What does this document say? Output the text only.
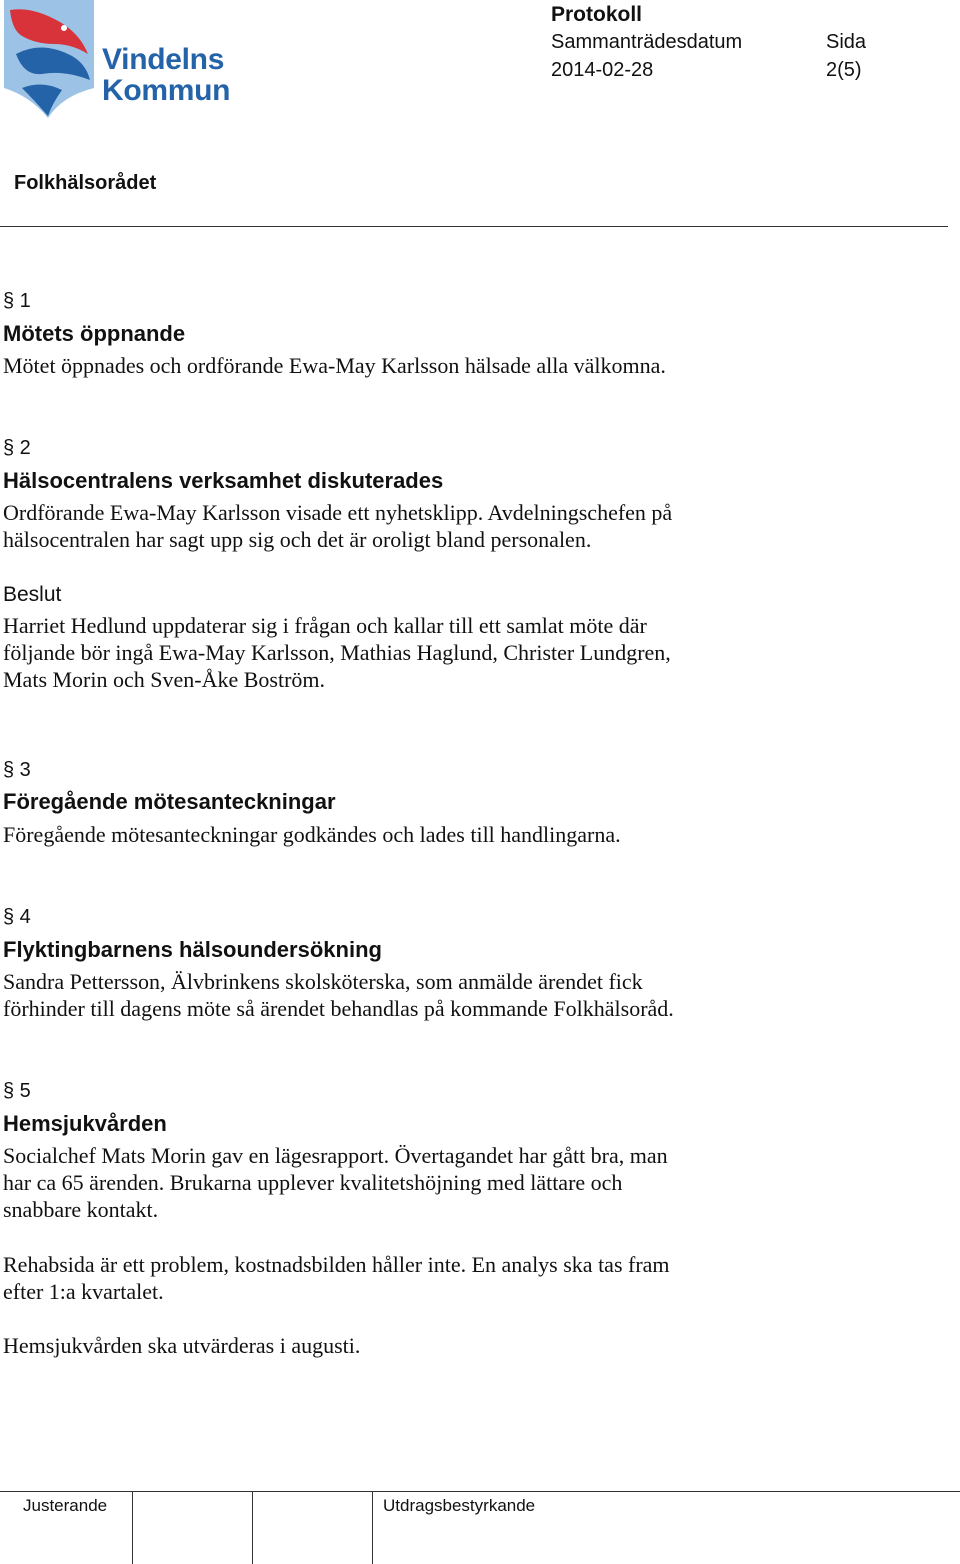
Vindelns
Kommun
Protokoll
Sammanträdesdatum
2014-02-28
Sida
2(5)
Folkhälsorådet
§ 1
Mötets öppnande
Mötet öppnades och ordförande Ewa-May Karlsson hälsade alla välkomna.
§ 2
Hälsocentralens verksamhet diskuterades
Ordförande Ewa-May Karlsson visade ett nyhetsklipp. Avdelningschefen på
hälsocentralen har sagt upp sig och det är oroligt bland personalen.
Beslut
Harriet Hedlund uppdaterar sig i frågan och kallar till ett samlat möte där
följande bör ingå Ewa-May Karlsson, Mathias Haglund, Christer Lundgren,
Mats Morin och Sven-Åke Boström.
§ 3
Föregående mötesanteckningar
Föregående mötesanteckningar godkändes och lades till handlingarna.
§ 4
Flyktingbarnens hälsoundersökning
Sandra Pettersson, Älvbrinkens skolsköterska, som anmälde ärendet fick
förhinder till dagens möte så ärendet behandlas på kommande Folkhälsoråd.
§ 5
Hemsjukvården
Socialchef Mats Morin gav en lägesrapport. Övertagandet har gått bra, man
har ca 65 ärenden. Brukarna upplever kvalitetshöjning med lättare och
snabbare kontakt.
Rehabsida är ett problem, kostnadsbilden håller inte. En analys ska tas fram
efter 1:a kvartalet.
Hemsjukvården ska utvärderas i augusti.
Justerande	Utdragsbestyrkande
